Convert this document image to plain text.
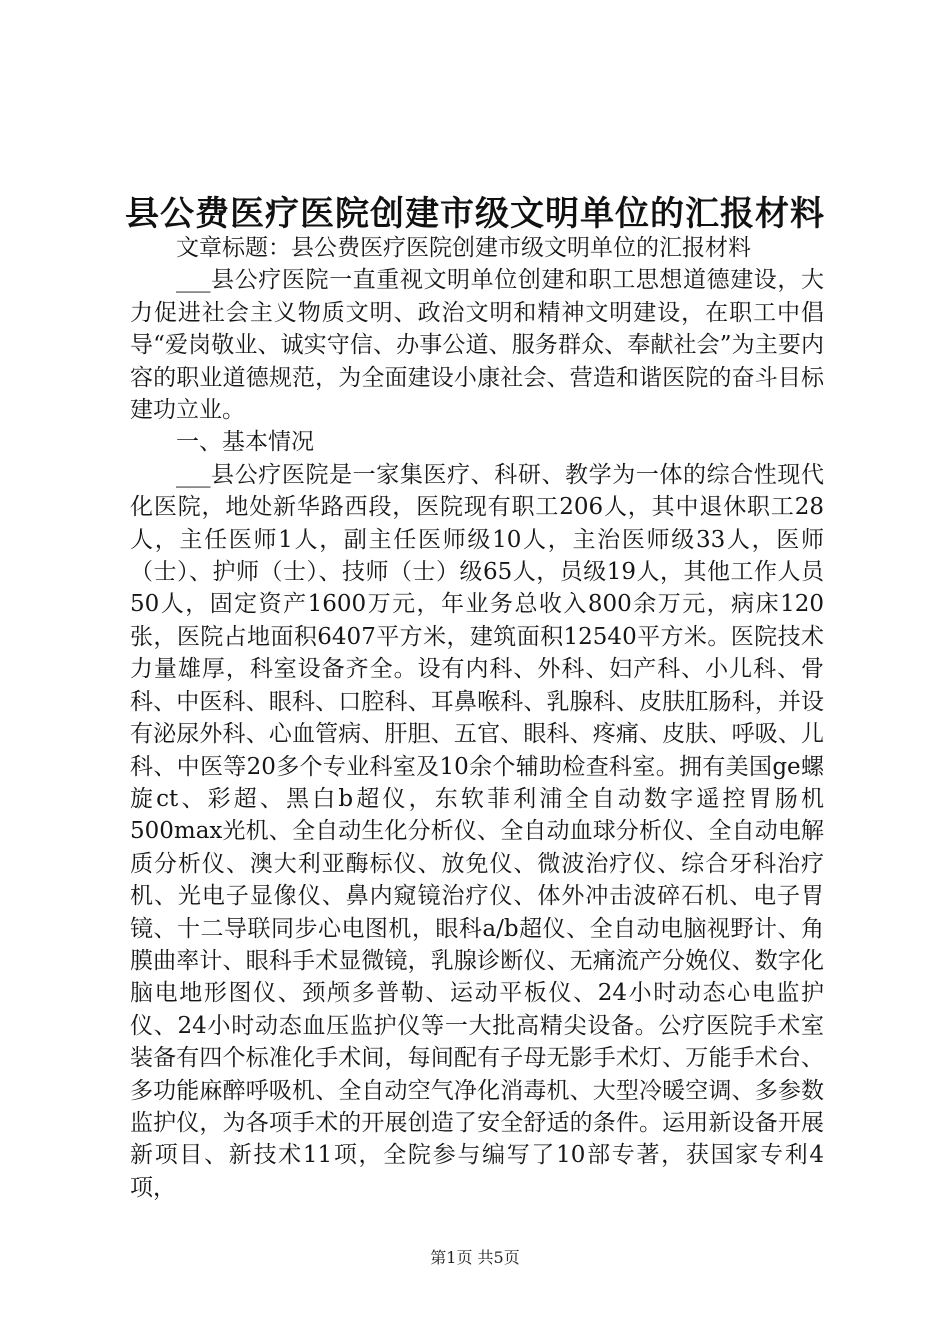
县公费医疗医院创建市级文明单位的汇报材料

文章标题：县公费医疗医院创建市级文明单位的汇报材料

___县公疗医院一直重视文明单位创建和职工思想道德建设，大力促进社会主义物质文明、政治文明和精神文明建设，在职工中倡导“爱岗敬业、诚实守信、办事公道、服务群众、奉献社会”为主要内容的职业道德规范，为全面建设小康社会、营造和谐医院的奋斗目标建功立业。

一、基本情况

___县公疗医院是一家集医疗、科研、教学为一体的综合性现代化医院，地处新华路西段，医院现有职工206人，其中退休职工28人，主任医师1人，副主任医师级10人，主治医师级33人，医师（士）、护师（士）、技师（士）级65人，员级19人，其他工作人员50人，固定资产1600万元，年业务总收入800余万元，病床120张，医院占地面积6407平方米，建筑面积12540平方米。医院技术力量雄厚，科室设备齐全。设有内科、外科、妇产科、小儿科、骨科、中医科、眼科、口腔科、耳鼻喉科、乳腺科、皮肤肛肠科，并设有泌尿外科、心血管病、肝胆、五官、眼科、疼痛、皮肤、呼吸、儿科、中医等20多个专业科室及10余个辅助检查科室。拥有美国ge螺旋ct、彩超、黑白b超仪，东软菲利浦全自动数字遥控胃肠机500max光机、全自动生化分析仪、全自动血球分析仪、全自动电解质分析仪、澳大利亚酶标仪、放免仪、微波治疗仪、综合牙科治疗机、光电子显像仪、鼻内窥镜治疗仪、体外冲击波碎石机、电子胃镜、十二导联同步心电图机，眼科a/b超仪、全自动电脑视野计、角膜曲率计、眼科手术显微镜，乳腺诊断仪、无痛流产分娩仪、数字化脑电地形图仪、颈颅多普勒、运动平板仪、24小时动态心电监护仪、24小时动态血压监护仪等一大批高精尖设备。公疗医院手术室装备有四个标准化手术间，每间配有子母无影手术灯、万能手术台、多功能麻醉呼吸机、全自动空气净化消毒机、大型冷暖空调、多参数监护仪，为各项手术的开展创造了安全舒适的条件。运用新设备开展新项目、新技术11项，全院参与编写了10部专著，获国家专利4项，

第1页 共5页
